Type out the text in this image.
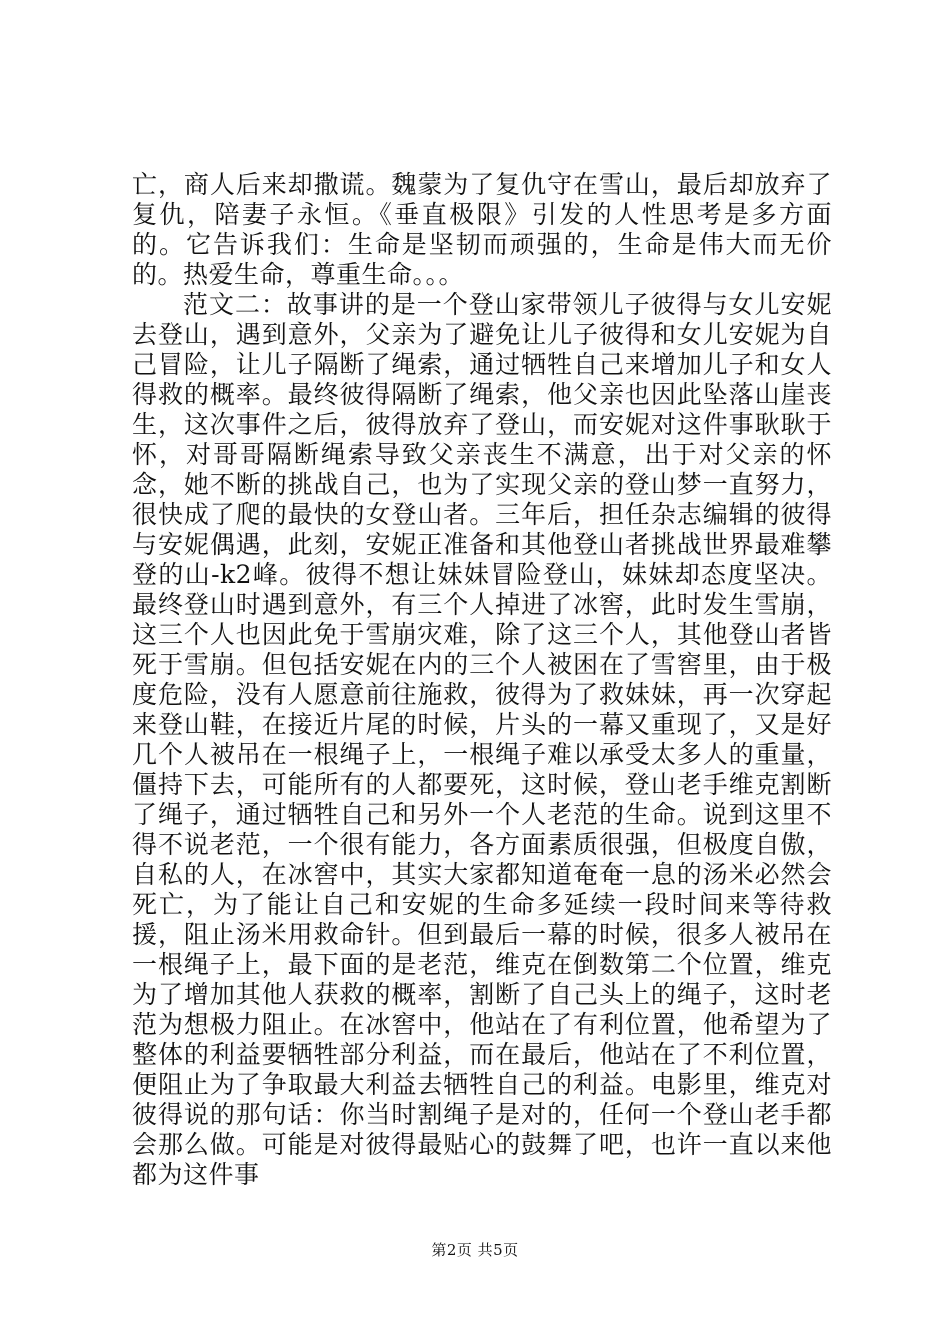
亡，商人后来却撒谎。魏蒙为了复仇守在雪山，最后却放弃了复仇，陪妻子永恒。《垂直极限》引发的人性思考是多方面的。它告诉我们：生命是坚韧而顽强的，生命是伟大而无价的。热爱生命，尊重生命。。。

范文二：故事讲的是一个登山家带领儿子彼得与女儿安妮去登山，遇到意外，父亲为了避免让儿子彼得和女儿安妮为自己冒险，让儿子隔断了绳索，通过牺牲自己来增加儿子和女人得救的概率。最终彼得隔断了绳索，他父亲也因此坠落山崖丧生，这次事件之后，彼得放弃了登山，而安妮对这件事耿耿于怀，对哥哥隔断绳索导致父亲丧生不满意，出于对父亲的怀念，她不断的挑战自己，也为了实现父亲的登山梦一直努力，很快成了爬的最快的女登山者。三年后，担任杂志编辑的彼得与安妮偶遇，此刻，安妮正准备和其他登山者挑战世界最难攀登的山-k2峰。彼得不想让妹妹冒险登山，妹妹却态度坚决。最终登山时遇到意外，有三个人掉进了冰窖，此时发生雪崩，这三个人也因此免于雪崩灾难，除了这三个人，其他登山者皆死于雪崩。但包括安妮在内的三个人被困在了雪窖里，由于极度危险，没有人愿意前往施救，彼得为了救妹妹，再一次穿起来登山鞋，在接近片尾的时候，片头的一幕又重现了，又是好几个人被吊在一根绳子上，一根绳子难以承受太多人的重量，僵持下去，可能所有的人都要死，这时候，登山老手维克割断了绳子，通过牺牲自己和另外一个人老范的生命。说到这里不得不说老范，一个很有能力，各方面素质很强，但极度自傲，自私的人，在冰窖中，其实大家都知道奄奄一息的汤米必然会死亡，为了能让自己和安妮的生命多延续一段时间来等待救援，阻止汤米用救命针。但到最后一幕的时候，很多人被吊在一根绳子上，最下面的是老范，维克在倒数第二个位置，维克为了增加其他人获救的概率，割断了自己头上的绳子，这时老范为想极力阻止。在冰窖中，他站在了有利位置，他希望为了整体的利益要牺牲部分利益，而在最后，他站在了不利位置，便阻止为了争取最大利益去牺牲自己的利益。电影里，维克对彼得说的那句话：你当时割绳子是对的，任何一个登山老手都会那么做。可能是对彼得最贴心的鼓舞了吧，也许一直以来他都为这件事

第2页 共5页
